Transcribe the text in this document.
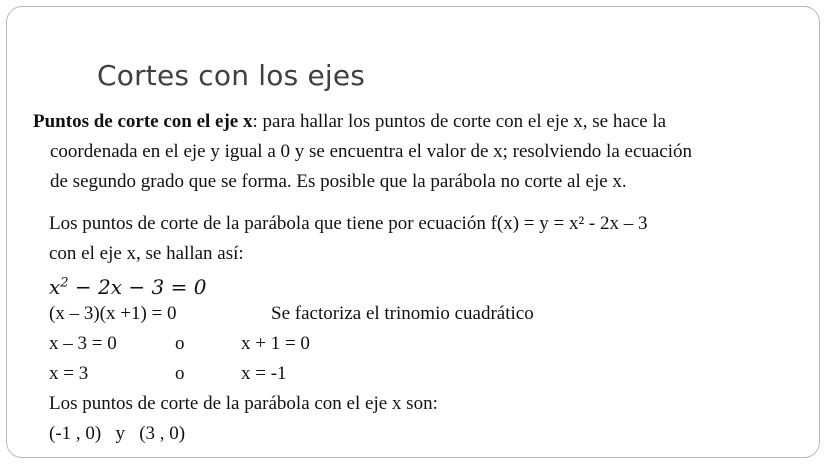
Cortes con los ejes
Puntos de corte con el eje x: para hallar los puntos de corte con el eje x, se hace la
coordenada en el eje y igual a 0 y se encuentra el valor de x; resolviendo la ecuación
de segundo grado que se forma. Es posible que la parábola no corte al eje x.
Los puntos de corte de la parábola que tiene por ecuación f(x) = y = x² - 2x – 3
con el eje x, se hallan así:
$x^2 - 2x - 3 = 0$
(x – 3)(x +1) = 0	Se factoriza el trinomio cuadrático
x – 3 = 0	o	x + 1 = 0
x = 3	o	x = -1
Los puntos de corte de la parábola con el eje x son:
(-1 , 0)   y   (3 , 0)
